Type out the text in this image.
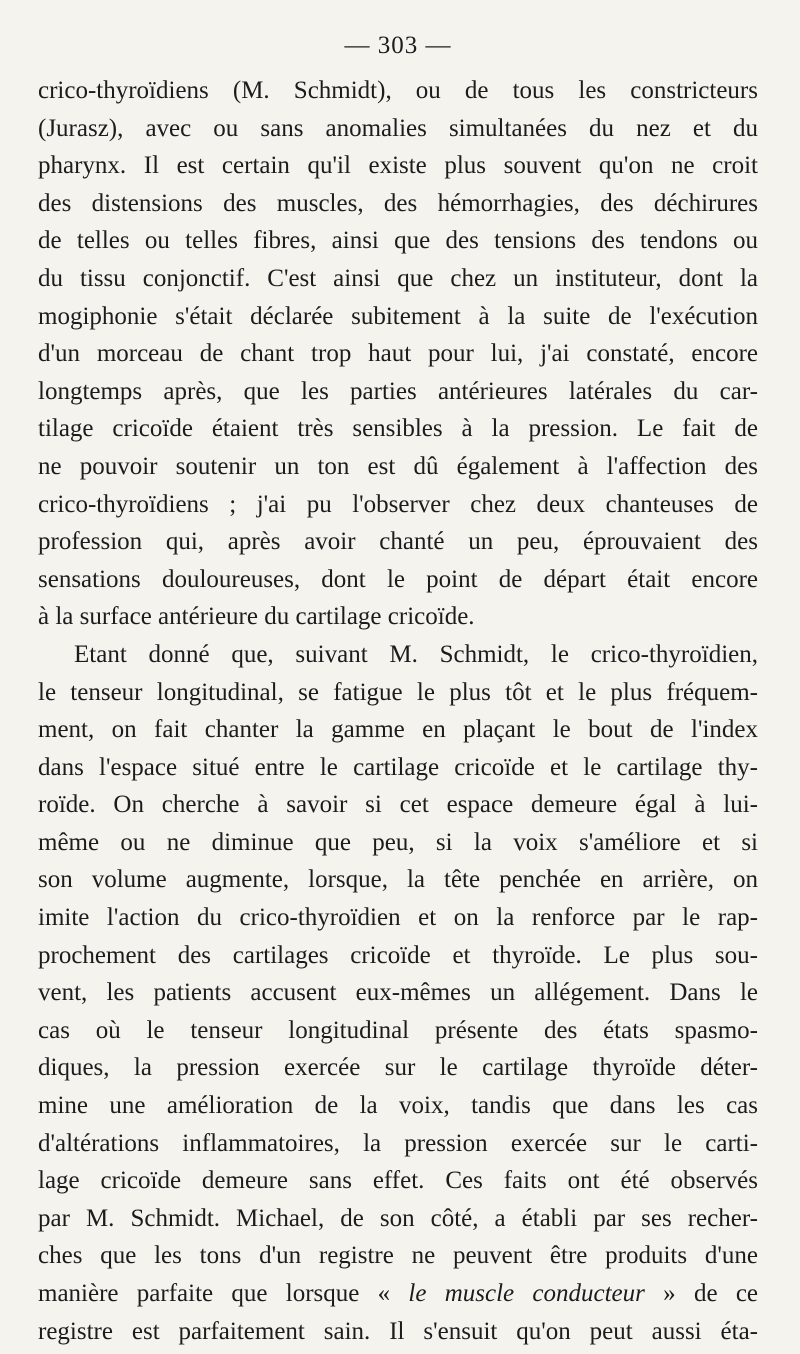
— 303 —

crico-thyroïdiens (M. Schmidt), ou de tous les constricteurs
(Jurasz), avec ou sans anomalies simultanées du nez et du
pharynx. Il est certain qu'il existe plus souvent qu'on ne croit
des distensions des muscles, des hémorrhagies, des déchirures
de telles ou telles fibres, ainsi que des tensions des tendons ou
du tissu conjonctif. C'est ainsi que chez un instituteur, dont la
mogiphonie s'était déclarée subitement à la suite de l'exécution
d'un morceau de chant trop haut pour lui, j'ai constaté, encore
longtemps après, que les parties antérieures latérales du car-
tilage cricoïde étaient très sensibles à la pression. Le fait de
ne pouvoir soutenir un ton est dû également à l'affection des
crico-thyroïdiens ; j'ai pu l'observer chez deux chanteuses de
profession qui, après avoir chanté un peu, éprouvaient des
sensations douloureuses, dont le point de départ était encore
à la surface antérieure du cartilage cricoïde.

Etant donné que, suivant M. Schmidt, le crico-thyroïdien,
le tenseur longitudinal, se fatigue le plus tôt et le plus fréquem-
ment, on fait chanter la gamme en plaçant le bout de l'index
dans l'espace situé entre le cartilage cricoïde et le cartilage thy-
roïde. On cherche à savoir si cet espace demeure égal à lui-
même ou ne diminue que peu, si la voix s'améliore et si
son volume augmente, lorsque, la tête penchée en arrière, on
imite l'action du crico-thyroïdien et on la renforce par le rap-
prochement des cartilages cricoïde et thyroïde. Le plus sou-
vent, les patients accusent eux-mêmes un allégement. Dans le
cas où le tenseur longitudinal présente des états spasmo-
diques, la pression exercée sur le cartilage thyroïde déter-
mine une amélioration de la voix, tandis que dans les cas
d'altérations inflammatoires, la pression exercée sur le carti-
lage cricoïde demeure sans effet. Ces faits ont été observés
par M. Schmidt. Michael, de son côté, a établi par ses recher-
ches que les tons d'un registre ne peuvent être produits d'une
manière parfaite que lorsque « le muscle conducteur » de ce
registre est parfaitement sain. Il s'ensuit qu'on peut aussi éta-
